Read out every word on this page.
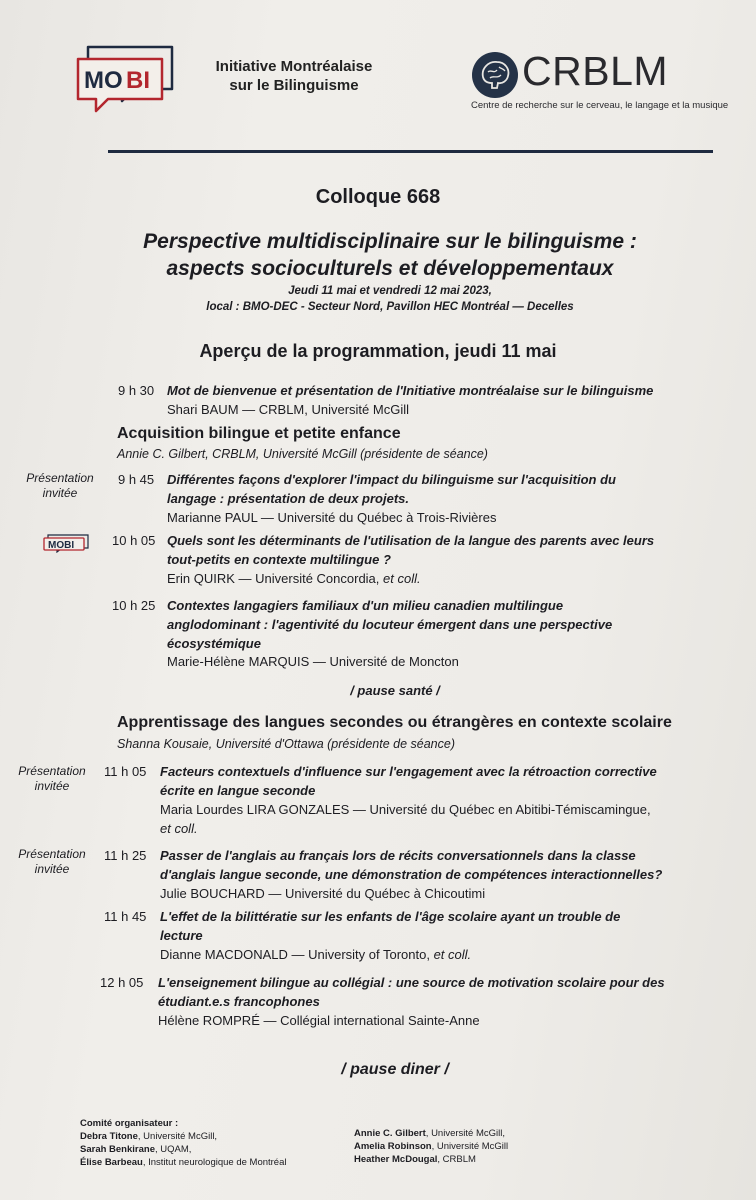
MO BI
Initiative Montréalaise
sur le Bilinguisme	CRBLM
Centre de recherche sur le cerveau, le langage et la musique
Colloque 668
Perspective multidisciplinaire sur le bilinguisme :
aspects socioculturels et développementaux
Jeudi 11 mai et vendredi 12 mai 2023,
local : BMO-DEC - Secteur Nord, Pavillon HEC Montréal — Decelles
Aperçu de la programmation, jeudi 11 mai
9 h 30 Mot de bienvenue et présentation de l'Initiative montréalaise sur le bilinguisme
Shari BAUM — CRBLM, Université McGill
Acquisition bilingue et petite enfance
Annie C. Gilbert, CRBLM, Université McGill (présidente de séance)
Présentation
invitée
9 h 45 Différentes façons d'explorer l'impact du bilinguisme sur l'acquisition du
langage : présentation de deux projets.
Marianne PAUL — Université du Québec à Trois-Rivières
MOBI	10 h 05 Quels sont les déterminants de l'utilisation de la langue des parents avec leurs
tout-petits en contexte multilingue ?
Erin QUIRK — Université Concordia, et coll.
10 h 25 Contextes langagiers familiaux d'un milieu canadien multilingue
anglodominant : l'agentivité du locuteur émergent dans une perspective
écosystémique
Marie-Hélène MARQUIS — Université de Moncton
/ pause santé /
Apprentissage des langues secondes ou étrangères en contexte scolaire
Shanna Kousaie, Université d'Ottawa (présidente de séance)
Présentation
invitée
11 h 05 Facteurs contextuels d'influence sur l'engagement avec la rétroaction corrective
écrite en langue seconde
Maria Lourdes LIRA GONZALES — Université du Québec en Abitibi-Témiscamingue,
et coll.
Présentation
invitée
11 h 25 Passer de l'anglais au français lors de récits conversationnels dans la classe
d'anglais langue seconde, une démonstration de compétences interactionnelles?
Julie BOUCHARD — Université du Québec à Chicoutimi
11 h 45 L'effet de la bilittératie sur les enfants de l'âge scolaire ayant un trouble de
lecture
Dianne MACDONALD — University of Toronto, et coll.
12 h 05 L'enseignement bilingue au collégial : une source de motivation scolaire pour des
étudiant.e.s francophones
Hélène ROMPRÉ — Collégial international Sainte-Anne
/ pause diner /
Comité organisateur :
Debra Titone, Université McGill,
Sarah Benkirane, UQAM,
Élise Barbeau, Institut neurologique de Montréal
Annie C. Gilbert, Université McGill,
Amelia Robinson, Université McGill
Heather McDougal, CRBLM
